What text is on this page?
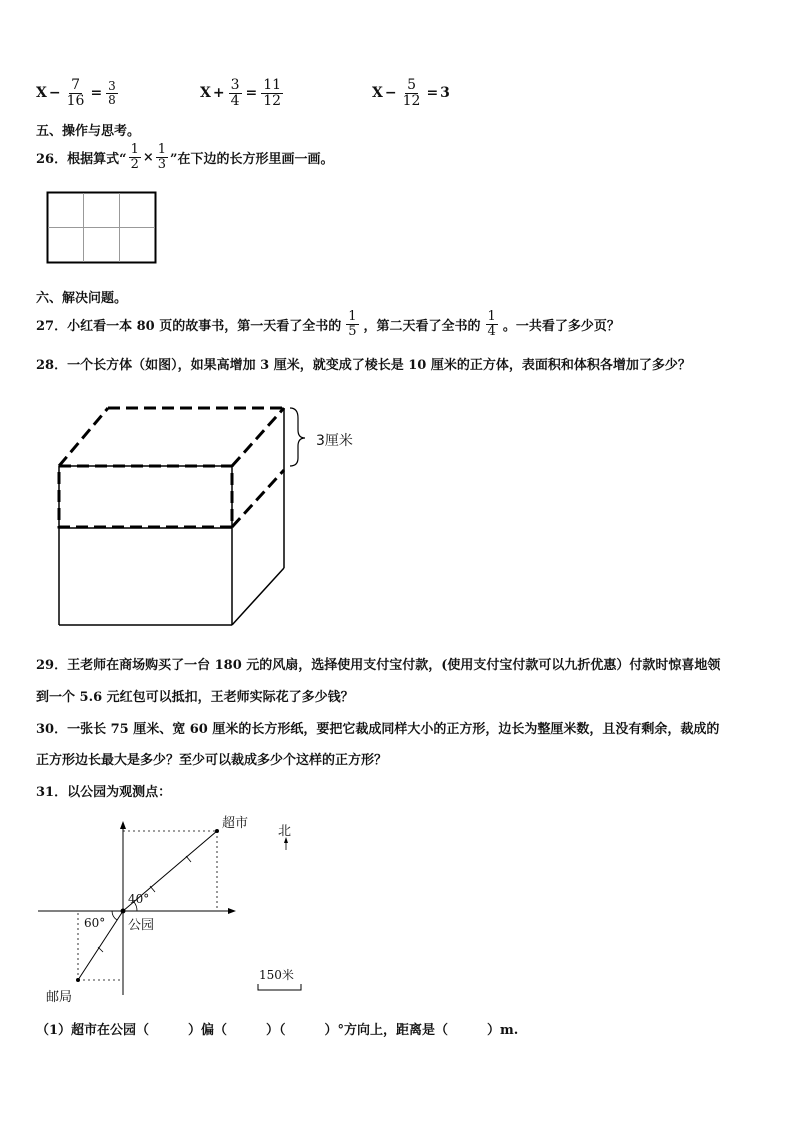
$X - \frac{7}{16} = \frac{3}{8}$	$X + \frac{3}{4} = \frac{11}{12}$	$X - \frac{5}{12} = 3$
五、操作与思考。
26．根据算式“ $\frac{1}{2} \times \frac{1}{3}$ ”在下边的长方形里画一画。
六、解决问题。
27．小红看一本 80 页的故事书，第一天看了全书的 $\frac{1}{5}$ ，第二天看了全书的 $\frac{1}{4}$ 。一共看了多少页？
28．一个长方体（如图），如果高增加 3 厘米，就变成了棱长是 10 厘米的正方体，表面积和体积各增加了多少？
3厘米
29．王老师在商场购买了一台 180 元的风扇，选择使用支付宝付款，(使用支付宝付款可以九折优惠）付款时惊喜地领
到一个 5.6 元红包可以抵扣，王老师实际花了多少钱？
30．一张长 75 厘米、宽 60 厘米的长方形纸，要把它裁成同样大小的正方形，边长为整厘米数，且没有剩余，裁成的
正方形边长最大是多少？至少可以裁成多少个这样的正方形？
31．以公园为观测点：
超市
北
40°
60° 公园
邮局
150米
（1）超市在公园（　　　）偏（　　　）（　　　）°方向上，距离是（　　　）m.
